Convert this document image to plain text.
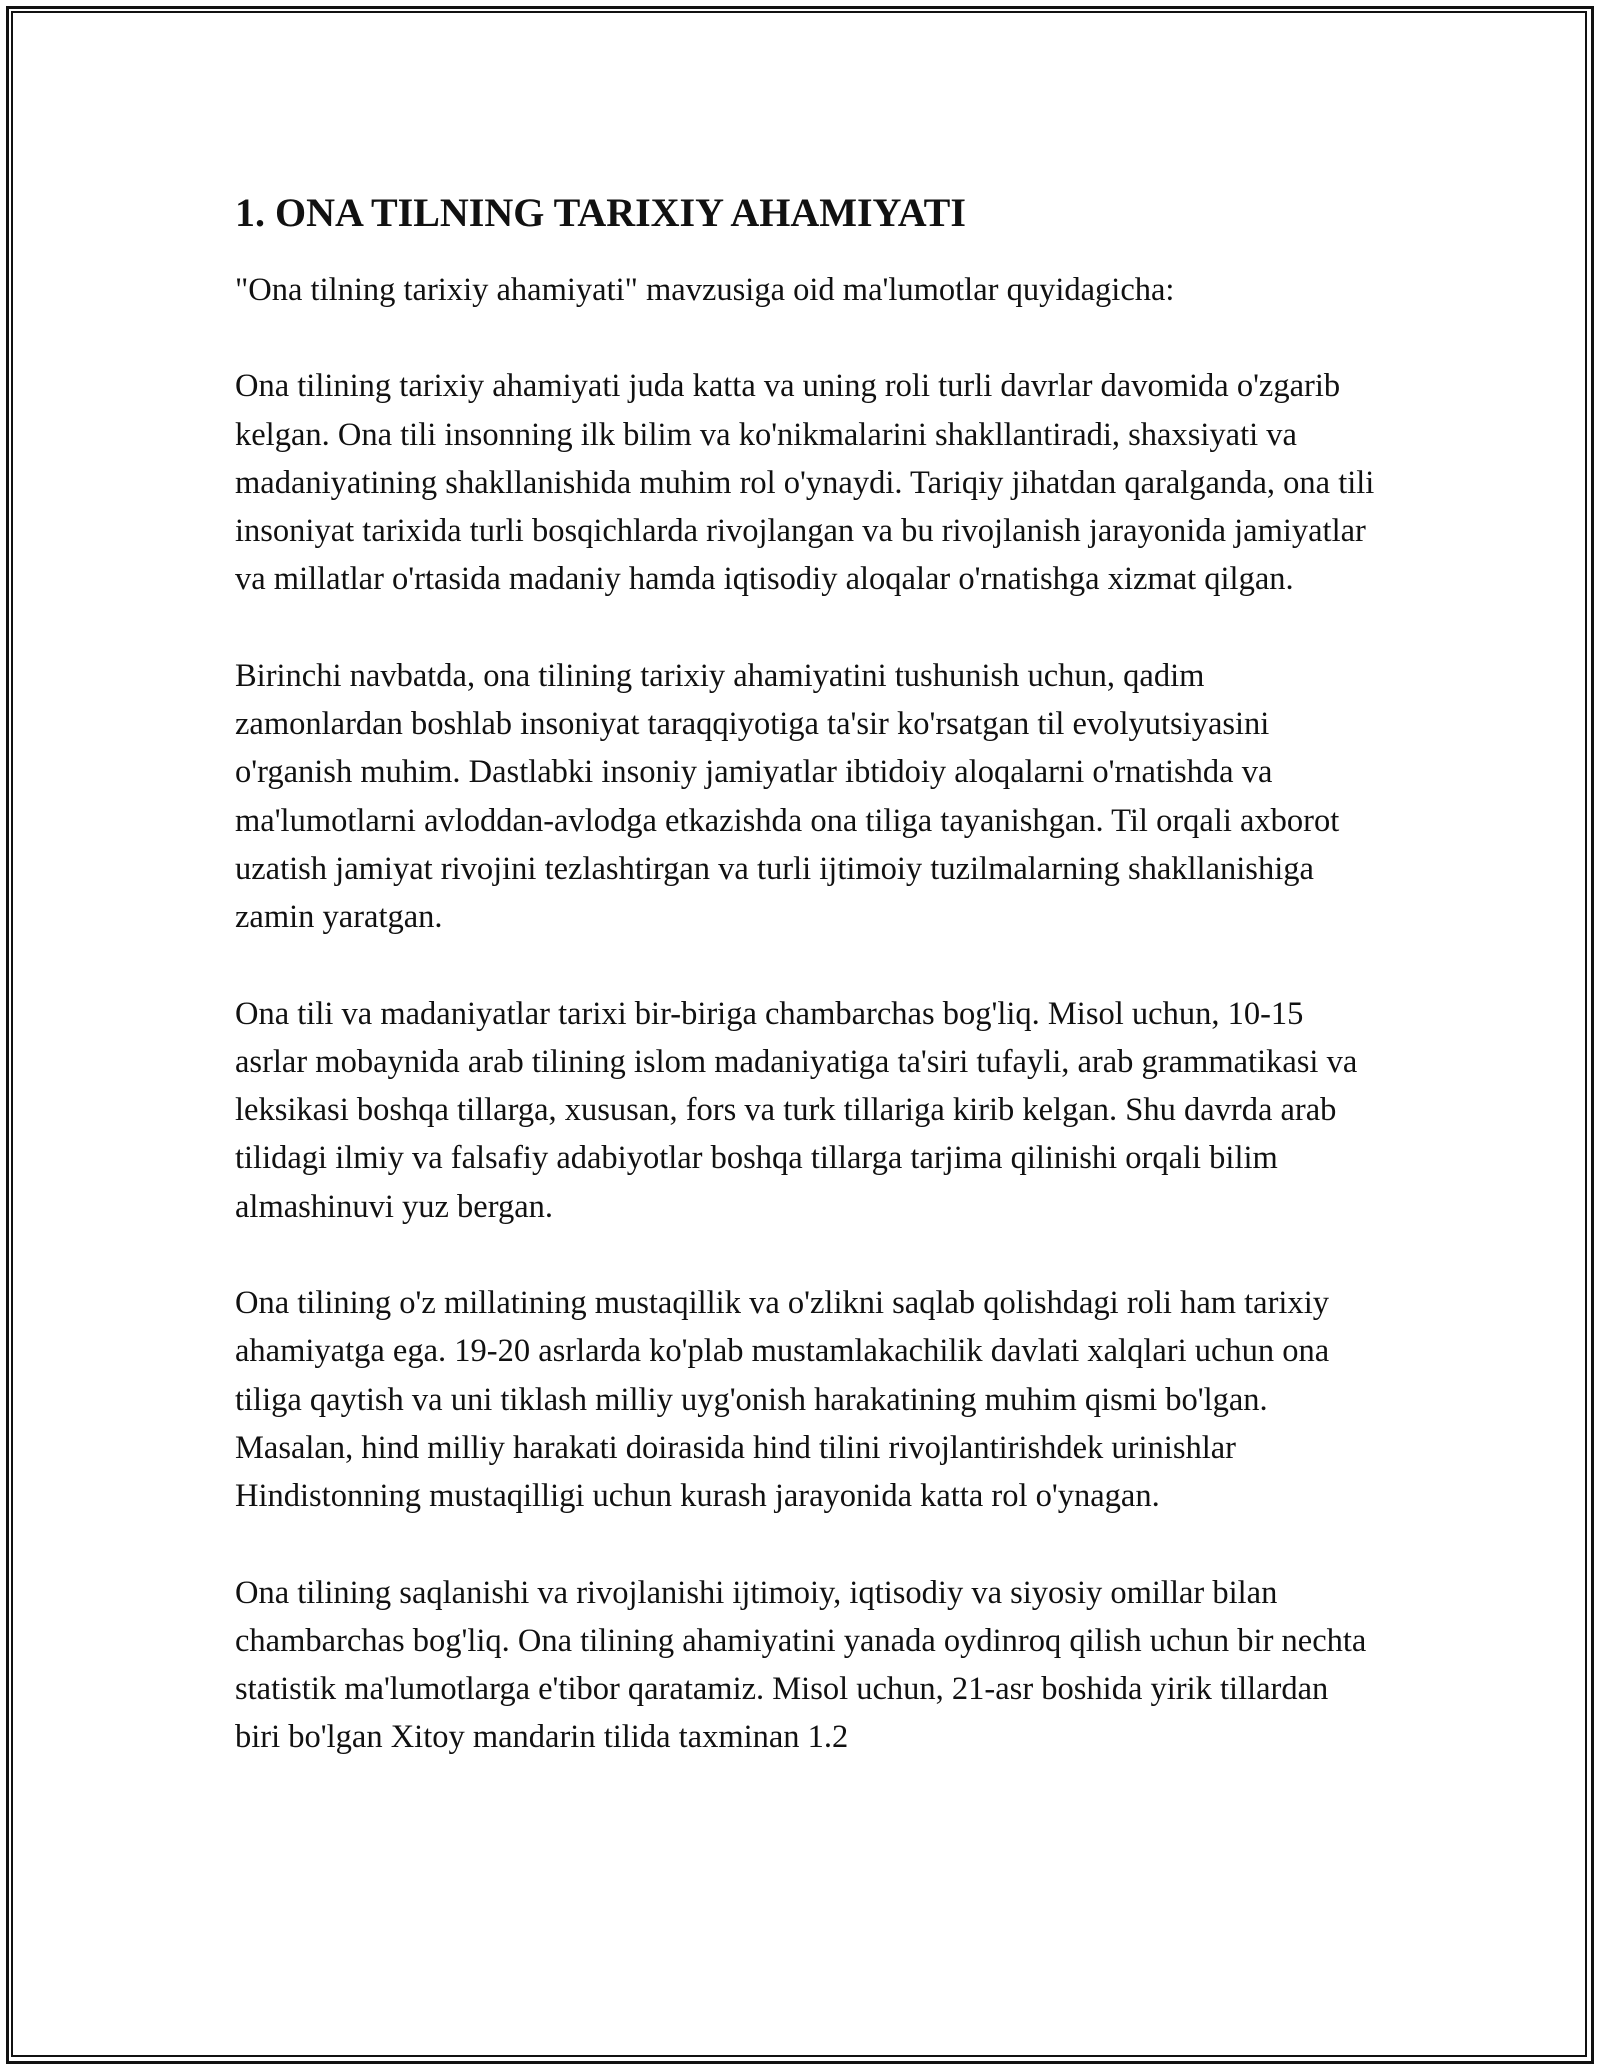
1. ONA TILNING TARIXIY AHAMIYATI

"Ona tilning tarixiy ahamiyati" mavzusiga oid ma'lumotlar quyidagicha:

Ona tilining tarixiy ahamiyati juda katta va uning roli turli davrlar davomida o'zgarib kelgan. Ona tili insonning ilk bilim va ko'nikmalarini shakllantiradi, shaxsiyati va madaniyatining shakllanishida muhim rol o'ynaydi. Tariqiy jihatdan qaralganda, ona tili insoniyat tarixida turli bosqichlarda rivojlangan va bu rivojlanish jarayonida jamiyatlar va millatlar o'rtasida madaniy hamda iqtisodiy aloqalar o'rnatishga xizmat qilgan.

Birinchi navbatda, ona tilining tarixiy ahamiyatini tushunish uchun, qadim zamonlardan boshlab insoniyat taraqqiyotiga ta'sir ko'rsatgan til evolyutsiyasini o'rganish muhim. Dastlabki insoniy jamiyatlar ibtidoiy aloqalarni o'rnatishda va ma'lumotlarni avloddan-avlodga etkazishda ona tiliga tayanishgan. Til orqali axborot uzatish jamiyat rivojini tezlashtirgan va turli ijtimoiy tuzilmalarning shakllanishiga zamin yaratgan.

Ona tili va madaniyatlar tarixi bir-biriga chambarchas bog'liq. Misol uchun, 10-15 asrlar mobaynida arab tilining islom madaniyatiga ta'siri tufayli, arab grammatikasi va leksikasi boshqa tillarga, xususan, fors va turk tillariga kirib kelgan. Shu davrda arab tilidagi ilmiy va falsafiy adabiyotlar boshqa tillarga tarjima qilinishi orqali bilim almashinuvi yuz bergan.

Ona tilining o'z millatining mustaqillik va o'zlikni saqlab qolishdagi roli ham tarixiy ahamiyatga ega. 19-20 asrlarda ko'plab mustamlakachilik davlati xalqlari uchun ona tiliga qaytish va uni tiklash milliy uyg'onish harakatining muhim qismi bo'lgan. Masalan, hind milliy harakati doirasida hind tilini rivojlantirishdek urinishlar Hindistonning mustaqilligi uchun kurash jarayonida katta rol o'ynagan.

Ona tilining saqlanishi va rivojlanishi ijtimoiy, iqtisodiy va siyosiy omillar bilan chambarchas bog'liq. Ona tilining ahamiyatini yanada oydinroq qilish uchun bir nechta statistik ma'lumotlarga e'tibor qaratamiz. Misol uchun, 21-asr boshida yirik tillardan biri bo'lgan Xitoy mandarin tilida taxminan 1.2
